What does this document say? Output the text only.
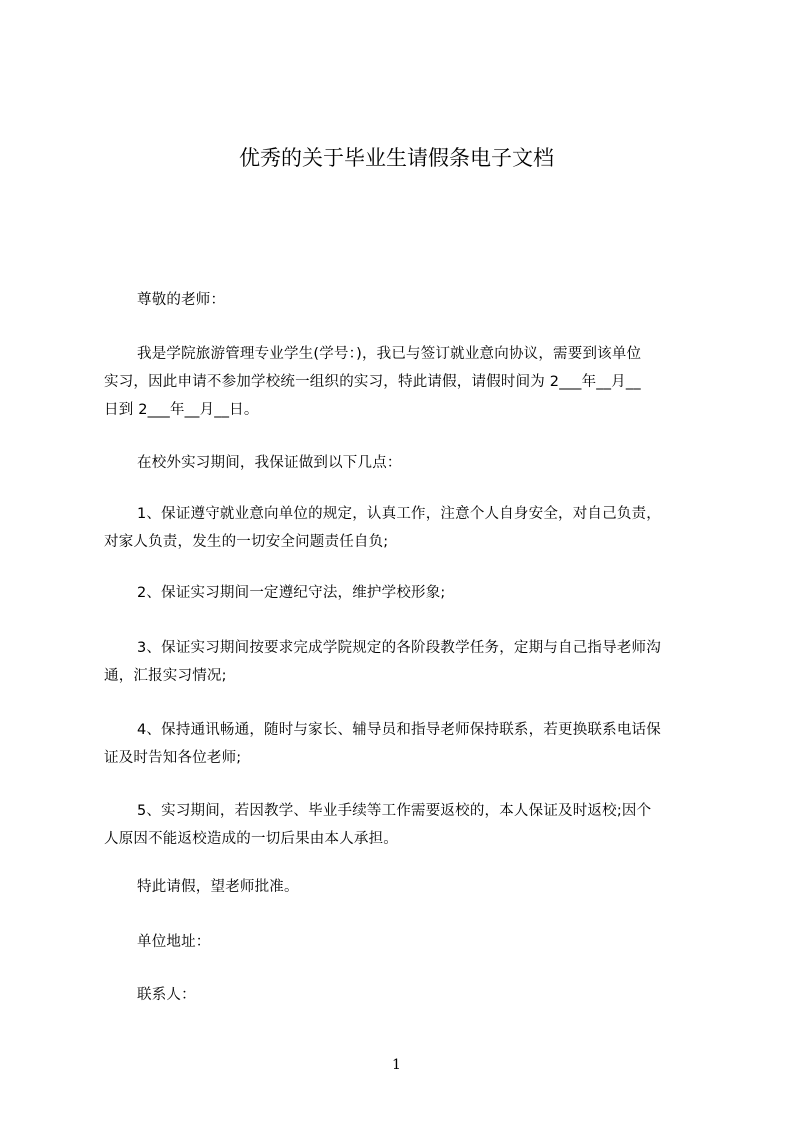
优秀的关于毕业生请假条电子文档

尊敬的老师：

我是学院旅游管理专业学生(学号：)，我已与签订就业意向协议，需要到该单位
实习，因此申请不参加学校统一组织的实习，特此请假，请假时间为 2___年__月__
日到 2___年__月__日。

在校外实习期间，我保证做到以下几点：

1、保证遵守就业意向单位的规定，认真工作，注意个人自身安全，对自己负责，
对家人负责，发生的一切安全问题责任自负;

2、保证实习期间一定遵纪守法，维护学校形象;

3、保证实习期间按要求完成学院规定的各阶段教学任务，定期与自己指导老师沟
通，汇报实习情况;

4、保持通讯畅通，随时与家长、辅导员和指导老师保持联系，若更换联系电话保
证及时告知各位老师;

5、实习期间，若因教学、毕业手续等工作需要返校的，本人保证及时返校;因个
人原因不能返校造成的一切后果由本人承担。

特此请假，望老师批准。

单位地址：

联系人：

1
